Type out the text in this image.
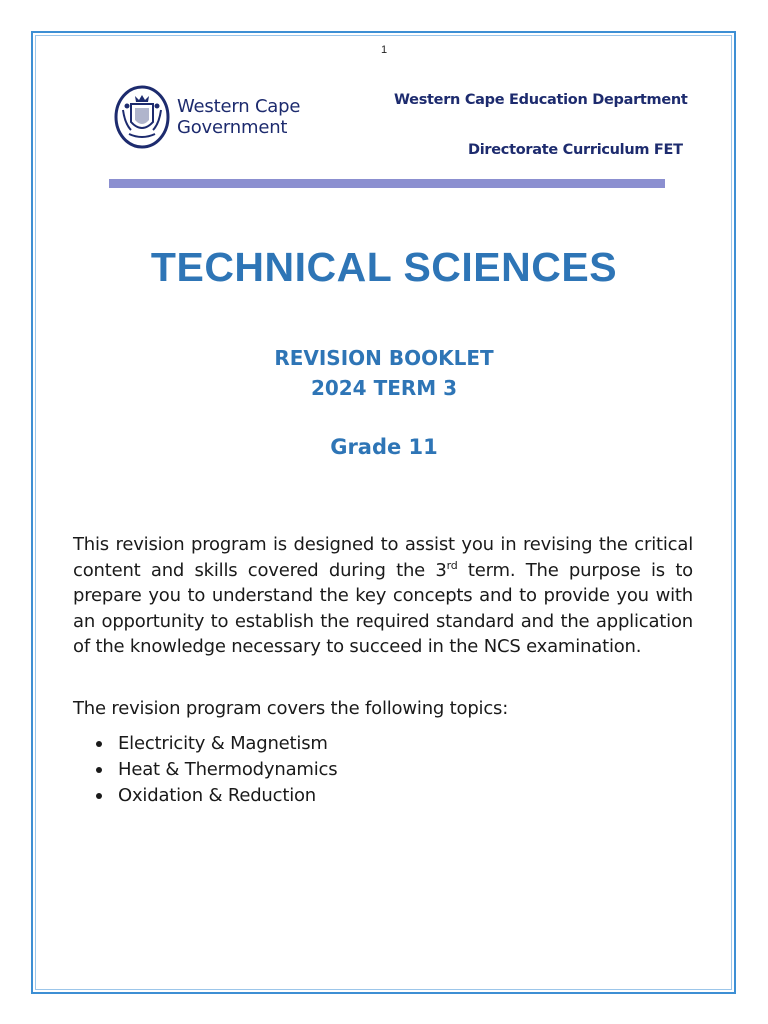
1
Western Cape
Government
Western Cape Education Department
Directorate Curriculum FET
TECHNICAL SCIENCES
REVISION BOOKLET
2024 TERM 3
Grade 11

This revision program is designed to assist you in revising the critical content and skills covered during the 3rd term. The purpose is to prepare you to understand the key concepts and to provide you with an opportunity to establish the required standard and the application of the knowledge necessary to succeed in the NCS examination.

The revision program covers the following topics:

Electricity & Magnetism
Heat & Thermodynamics
Oxidation & Reduction
